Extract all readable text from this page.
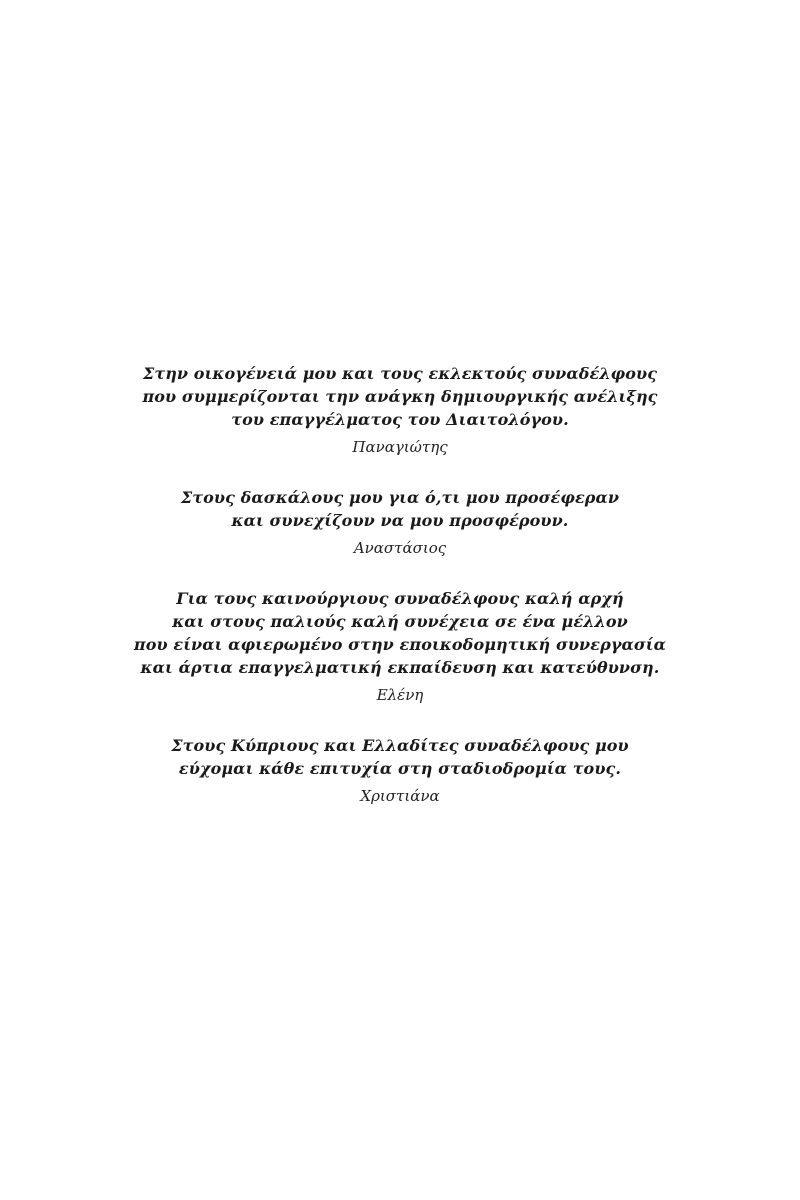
Στην οικογένειά μου και τους εκλεκτούς συναδέλφους
που συμμερίζονται την ανάγκη δημιουργικής ανέλιξης
του επαγγέλματος του Διαιτολόγου.
Παναγιώτης
Στους δασκάλους μου για ό,τι μου προσέφεραν
και συνεχίζουν να μου προσφέρουν.
Αναστάσιος
Για τους καινούργιους συναδέλφους καλή αρχή
και στους παλιούς καλή συνέχεια σε ένα μέλλον
που είναι αφιερωμένο στην εποικοδομητική συνεργασία
και άρτια επαγγελματική εκπαίδευση και κατεύθυνση.
Ελένη
Στους Κύπριους και Ελλαδίτες συναδέλφους μου
εύχομαι κάθε επιτυχία στη σταδιοδρομία τους.
Χριστιάνα
